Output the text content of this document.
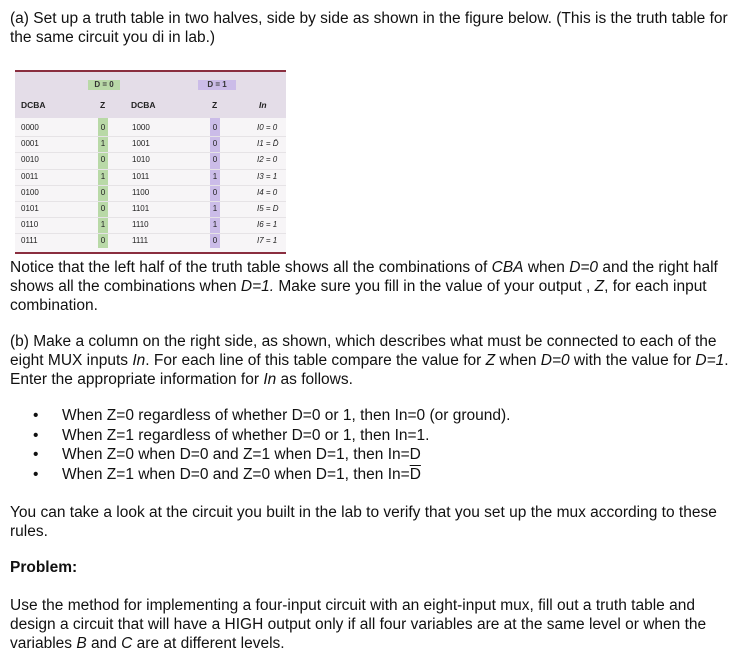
(a) Set up a truth table in two halves, side by side as shown in the figure below. (This is the truth table for the same circuit you di in lab.)

D = 0	D = 1
DCBA	Z	DCBA	Z	In
0000	0	1000	0	I0 = 0
0001	1	1001	0	I1 = D̄
0010	0	1010	0	I2 = 0
0011	1	1011	1	I3 = 1
0100	0	1100	0	I4 = 0
0101	0	1101	1	I5 = D
0110	1	1110	1	I6 = 1
0111	0	1111	0	I7 = 1

Notice that the left half of the truth table shows all the combinations of CBA when D=0 and the right half shows all the combinations when D=1. Make sure you fill in the value of your output , Z, for each input combination.

(b) Make a column on the right side, as shown, which describes what must be connected to each of the eight MUX inputs In. For each line of this table compare the value for Z when D=0 with the value for D=1. Enter the appropriate information for In as follows.

• When Z=0 regardless of whether D=0 or 1, then In=0 (or ground).
• When Z=1 regardless of whether D=0 or 1, then In=1.
• When Z=0 when D=0 and Z=1 when D=1, then In=D
• When Z=1 when D=0 and Z=0 when D=1, then $In=\overline{D}$

You can take a look at the circuit you built in the lab to verify that you set up the mux according to these rules.

Problem:

Use the method for implementing a four-input circuit with an eight-input mux, fill out a truth table and design a circuit that will have a HIGH output only if all four variables are at the same level or when the variables B and C are at different levels.
